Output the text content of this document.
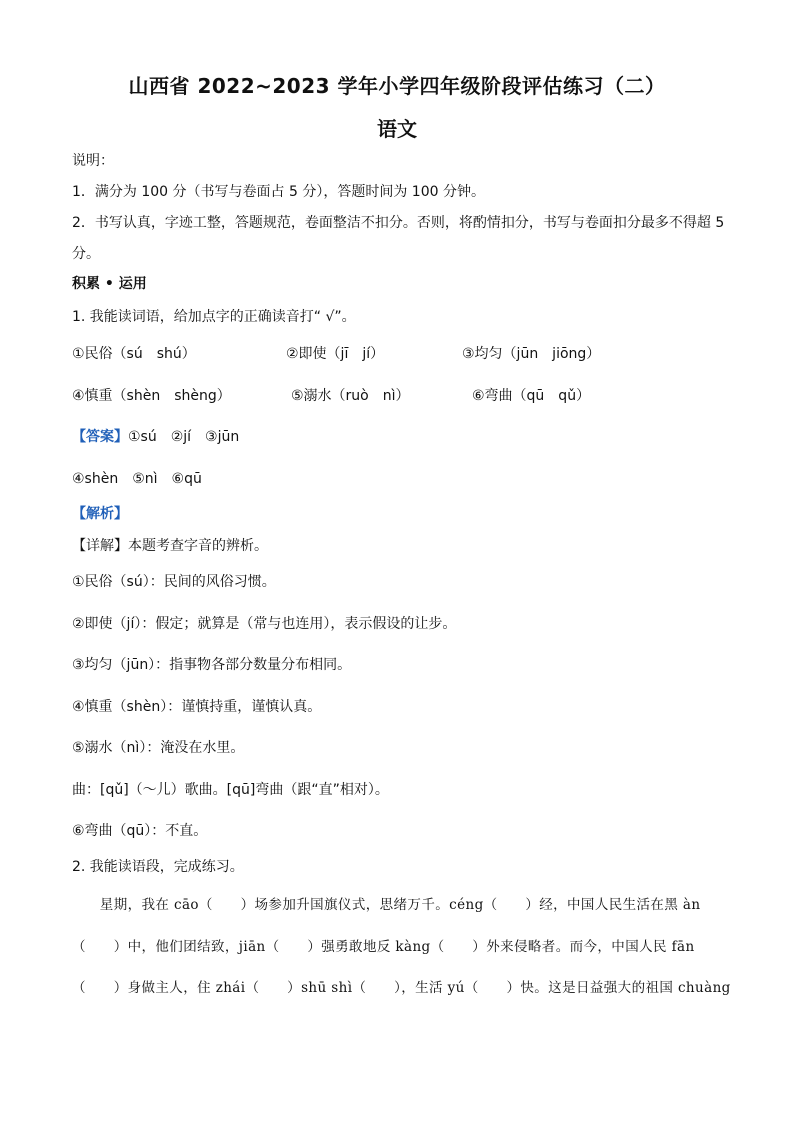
山西省 2022~2023 学年小学四年级阶段评估练习（二）
语文
说明：
1．满分为 100 分（书写与卷面占 5 分），答题时间为 100 分钟。
2．书写认真，字迹工整，答题规范，卷面整洁不扣分。否则，将酌情扣分，书写与卷面扣分最多不得超 5
分。
积累 • 运用
1. 我能读词语，给加点字的正确读音打“ √”。
①民俗（sú　shú）	②即使（jī　jí）	③均匀（jūn　jiōng）
④慎重（shèn　shèng）	⑤溺水（ruò　nì）	⑥弯曲（qū　qǔ）
【答案】①sú　②jí　③jūn
④shèn　⑤nì　⑥qū
【解析】
【详解】本题考查字音的辨析。
①民俗（sú）：民间的风俗习惯。
②即使（jí）：假定；就算是（常与也连用），表示假设的让步。
③均匀（jūn）：指事物各部分数量分布相同。
④慎重（shèn）：谨慎持重，谨慎认真。
⑤溺水（nì）：淹没在水里。
曲：[qǔ]（～儿）歌曲。[qū]弯曲（跟“直”相对）。
⑥弯曲（qū）：不直。
2. 我能读语段，完成练习。
　　星期，我在 cāo（　　）场参加升国旗仪式，思绪万千。céng（　　）经，中国人民生活在黑 àn
（　　）中，他们团结致，jiān（　　）强勇敢地反 kàng（　　）外来侵略者。而今，中国人民 fān
（　　）身做主人，住 zhái（　　）shū shì（　　），生活 yú（　　）快。这是日益强大的祖国 chuàng
